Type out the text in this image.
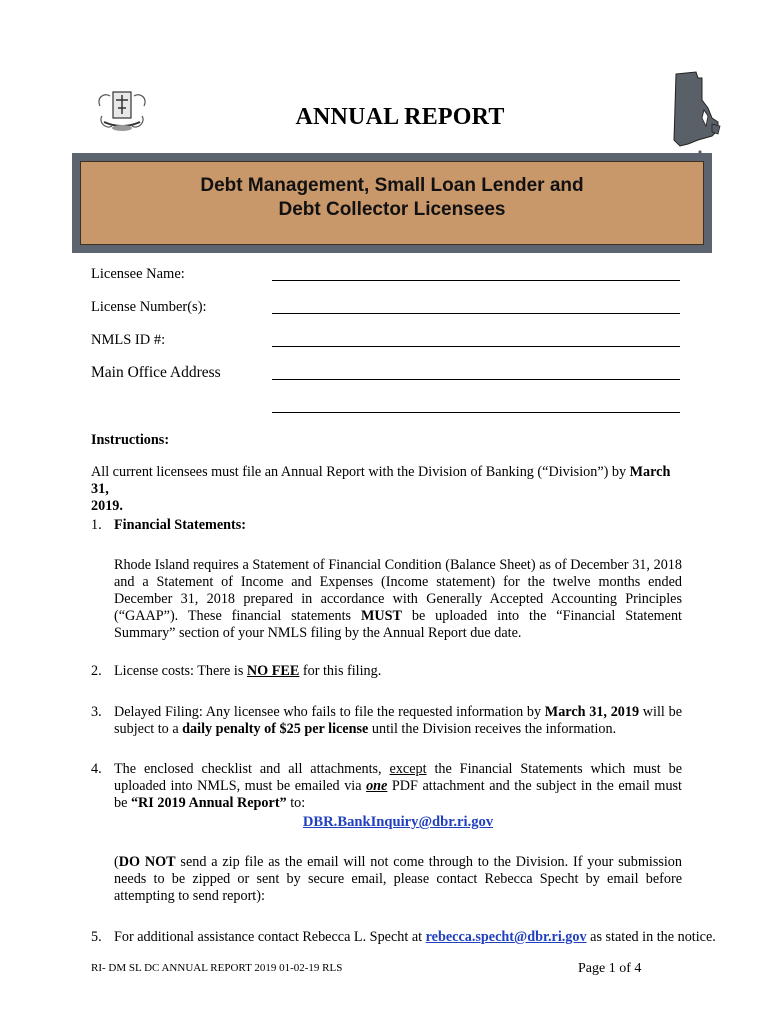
ANNUAL REPORT
Debt Management, Small Loan Lender and
Debt Collector Licensees
Licensee Name:
License Number(s):
NMLS ID #:
Main Office Address
Instructions:
All current licensees must file an Annual Report with the Division of Banking (“Division”) by March 31,
2019.
1. Financial Statements:
Rhode Island requires a Statement of Financial Condition (Balance Sheet) as of December 31, 2018 and a Statement of Income and Expenses (Income statement) for the twelve months ended December 31, 2018 prepared in accordance with Generally Accepted Accounting Principles (“GAAP”). These financial statements MUST be uploaded into the “Financial Statement Summary” section of your NMLS filing by the Annual Report due date.
2. License costs: There is NO FEE for this filing.
3. Delayed Filing: Any licensee who fails to file the requested information by March 31, 2019 will be subject to a daily penalty of $25 per license until the Division receives the information.
4. The enclosed checklist and all attachments, except the Financial Statements which must be uploaded into NMLS, must be emailed via one PDF attachment and the subject in the email must be “RI 2019 Annual Report” to:
DBR.BankInquiry@dbr.ri.gov
(DO NOT send a zip file as the email will not come through to the Division. If your submission needs to be zipped or sent by secure email, please contact Rebecca Specht by email before attempting to send report):
5. For additional assistance contact Rebecca L. Specht at rebecca.specht@dbr.ri.gov as stated in the notice.
RI- DM SL DC ANNUAL REPORT 2019 01-02-19 RLS	Page 1 of 4
